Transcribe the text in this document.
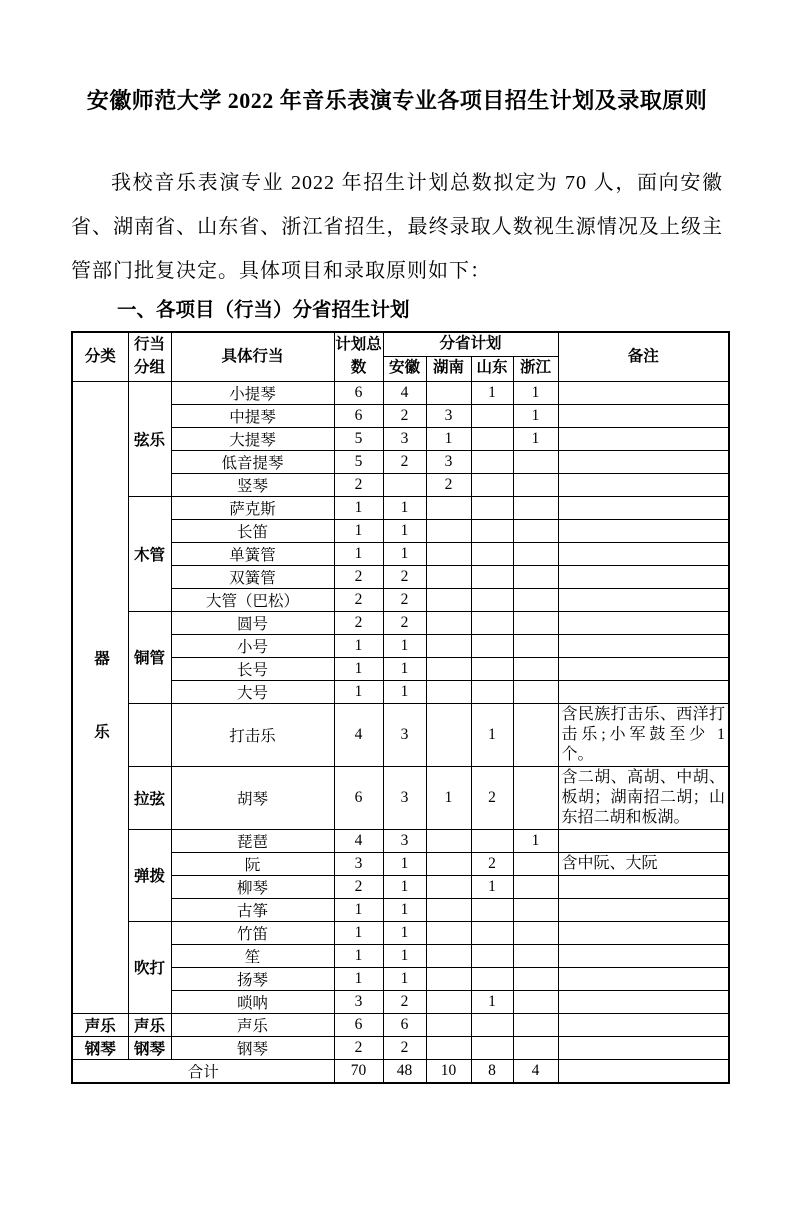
安徽师范大学 2022 年音乐表演专业各项目招生计划及录取原则
我校音乐表演专业 2022 年招生计划总数拟定为 70 人，面向安徽省、湖南省、山东省、浙江省招生，最终录取人数视生源情况及上级主管部门批复决定。具体项目和录取原则如下：
一、各项目（行当）分省招生计划
分类	行当分组	具体行当	计划总数	分省计划				备注
				安徽	湖南	山东	浙江	
器乐	弦乐	小提琴	6	4		1	1	
		中提琴	6	2	3		1	
		大提琴	5	3	1		1	
		低音提琴	5	2	3			
		竖琴	2		2			
	木管	萨克斯	1	1				
		长笛	1	1				
		单簧管	1	1				
		双簧管	2	2				
		大管（巴松）	2	2				
	铜管	圆号	2	2				
		小号	1	1				
		长号	1	1				
		大号	1	1				
		打击乐	4	3		1		含民族打击乐、西洋打击乐;小军鼓至少 1 个。
	拉弦	胡琴	6	3	1	2		含二胡、高胡、中胡、板胡；湖南招二胡；山东招二胡和板湖。
	弹拨	琵琶	4	3			1	
		阮	3	1		2		含中阮、大阮
		柳琴	2	1		1		
		古筝	1	1				
	吹打	竹笛	1	1				
		笙	1	1				
		扬琴	1	1				
		唢呐	3	2		1		
声乐	声乐	声乐	6	6				
钢琴	钢琴	钢琴	2	2				
合计			70	48	10	8	4	
